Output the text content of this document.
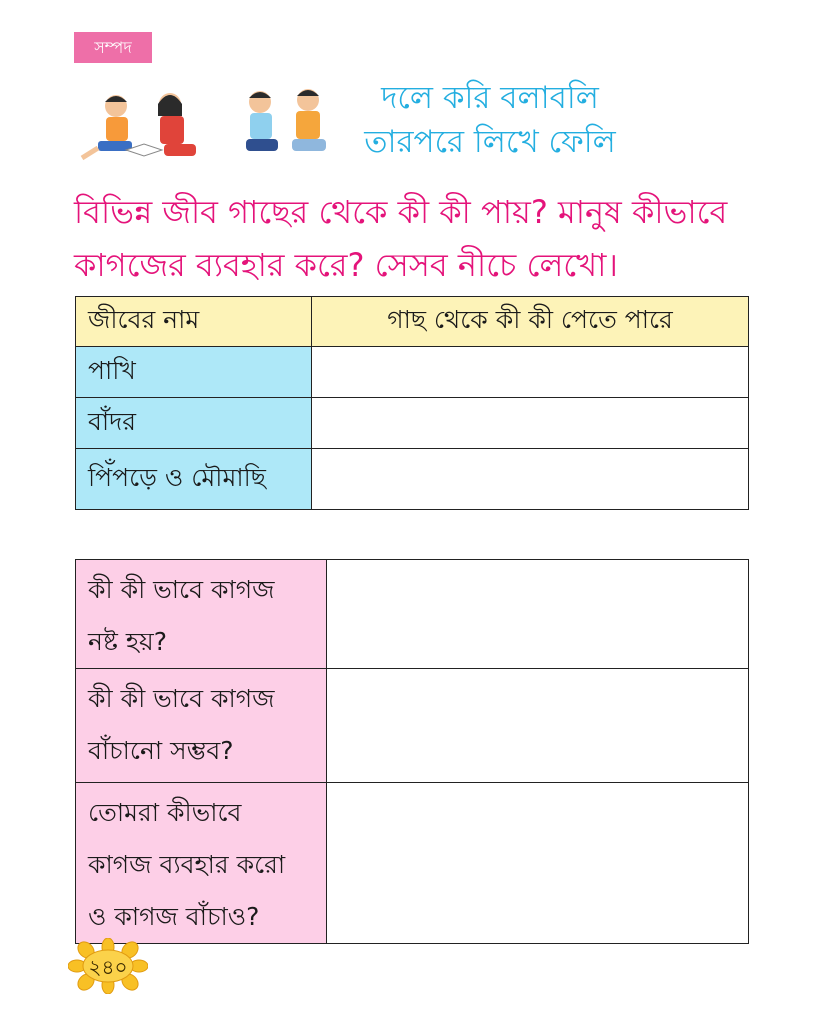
সম্পদ
দলে করি বলাবলি
তারপরে লিখে ফেলি
বিভিন্ন জীব গাছের থেকে কী কী পায়? মানুষ কীভাবে
কাগজের ব্যবহার করে? সেসব নীচে লেখো।
জীবের নাম	গাছ থেকে কী কী পেতে পারে
পাখি	
বাঁদর	
পিঁপড়ে ও মৌমাছি	
কী কী ভাবে কাগজ
নষ্ট হয়?	

কী কী ভাবে কাগজ
বাঁচানো সম্ভব?	

তোমরা কীভাবে
কাগজ ব্যবহার করো
ও কাগজ বাঁচাও?	

২৪০
